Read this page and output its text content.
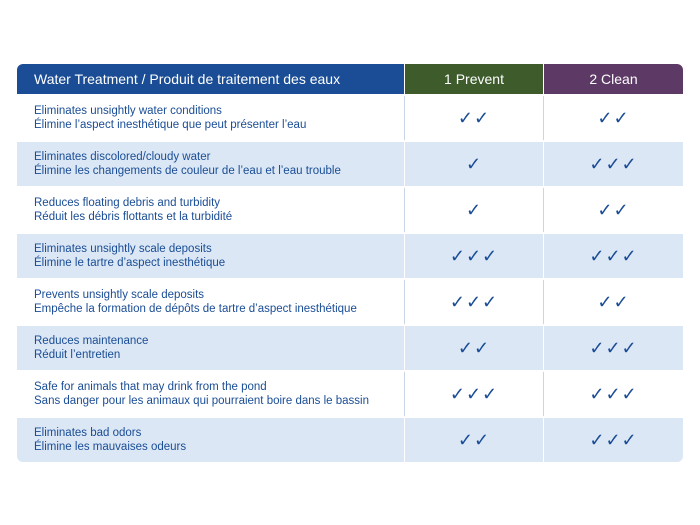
Water Treatment / Produit de traitement des eaux	1 Prevent	2 Clean

Eliminates unsightly water conditions
Élimine l’aspect inesthétique que peut présenter l’eau	✓✓	✓✓

Eliminates discolored/cloudy water
Élimine les changements de couleur de l’eau et l’eau trouble	✓	✓✓✓

Reduces floating debris and turbidity
Réduit les débris flottants et la turbidité	✓	✓✓

Eliminates unsightly scale deposits
Élimine le tartre d’aspect inesthétique	✓✓✓	✓✓✓

Prevents unsightly scale deposits
Empêche la formation de dépôts de tartre d’aspect inesthétique	✓✓✓	✓✓

Reduces maintenance
Réduit l’entretien	✓✓	✓✓✓

Safe for animals that may drink from the pond
Sans danger pour les animaux qui pourraient boire dans le bassin	✓✓✓	✓✓✓

Eliminates bad odors
Élimine les mauvaises odeurs	✓✓	✓✓✓
